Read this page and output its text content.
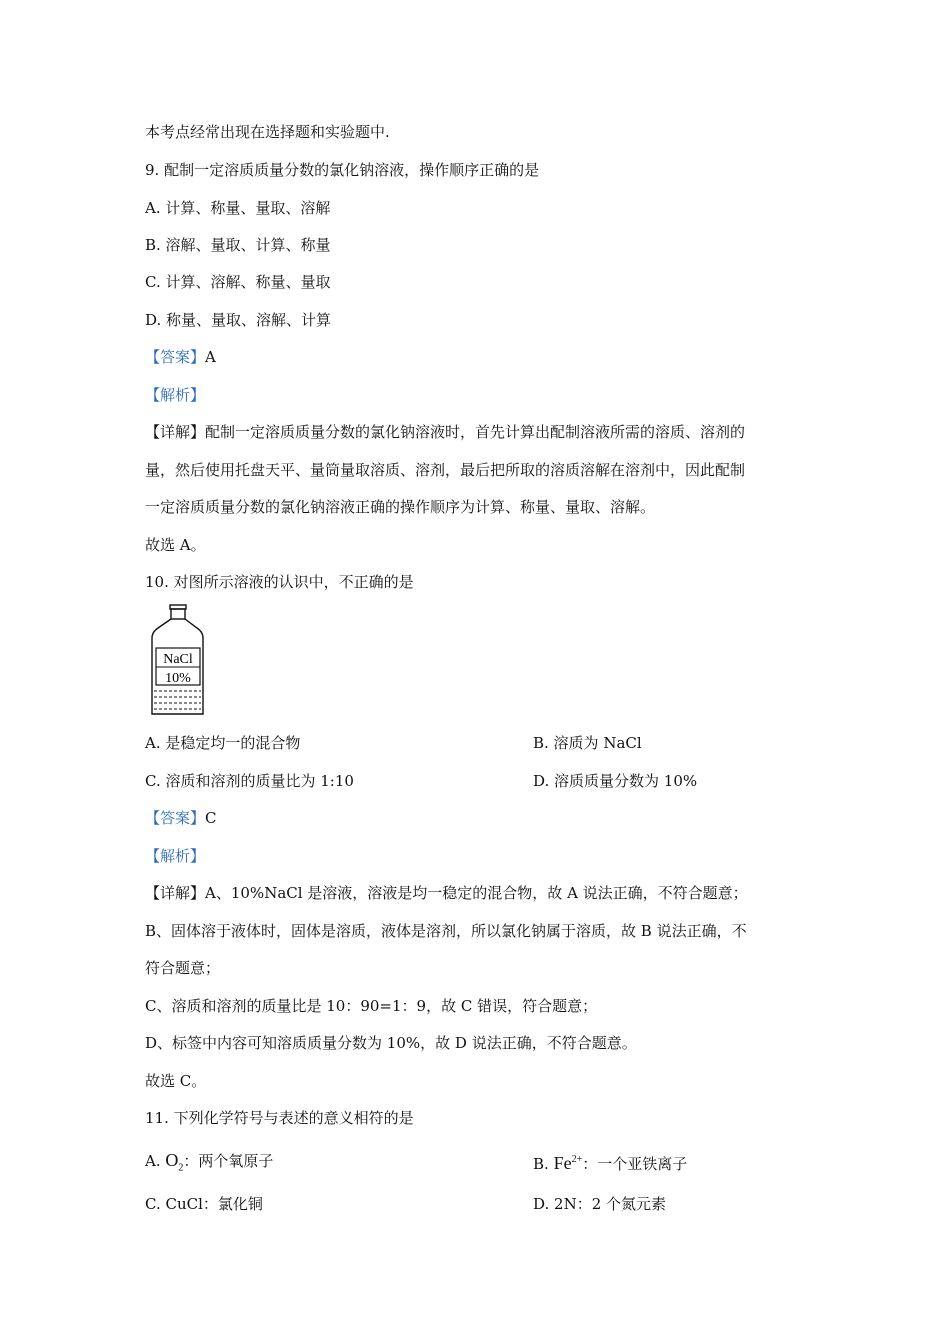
本考点经常出现在选择题和实验题中.
9. 配制一定溶质质量分数的氯化钠溶液，操作顺序正确的是
A. 计算、称量、量取、溶解
B. 溶解、量取、计算、称量
C. 计算、溶解、称量、量取
D. 称量、量取、溶解、计算
【答案】A
【解析】
【详解】配制一定溶质质量分数的氯化钠溶液时，首先计算出配制溶液所需的溶质、溶剂的
量，然后使用托盘天平、量筒量取溶质、溶剂，最后把所取的溶质溶解在溶剂中，因此配制
一定溶质质量分数的氯化钠溶液正确的操作顺序为计算、称量、量取、溶解。
故选 A。
10. 对图所示溶液的认识中，不正确的是
NaCl
10%
A. 是稳定均一的混合物	B. 溶质为 NaCl
C. 溶质和溶剂的质量比为 1:10	D. 溶质质量分数为 10%
【答案】C
【解析】
【详解】A、10%NaCl 是溶液，溶液是均一稳定的混合物，故 A 说法正确，不符合题意；
B、固体溶于液体时，固体是溶质，液体是溶剂，所以氯化钠属于溶质，故 B 说法正确，不
符合题意；
C、溶质和溶剂的质量比是 10：90=1：9，故 C 错误，符合题意；
D、标签中内容可知溶质质量分数为 10%，故 D 说法正确，不符合题意。
故选 C。
11. 下列化学符号与表述的意义相符的是
A. $O_2$：两个氧原子	B. $Fe^{2+}$：一个亚铁离子
C. CuCl：氯化铜	D. 2N：2 个氮元素
